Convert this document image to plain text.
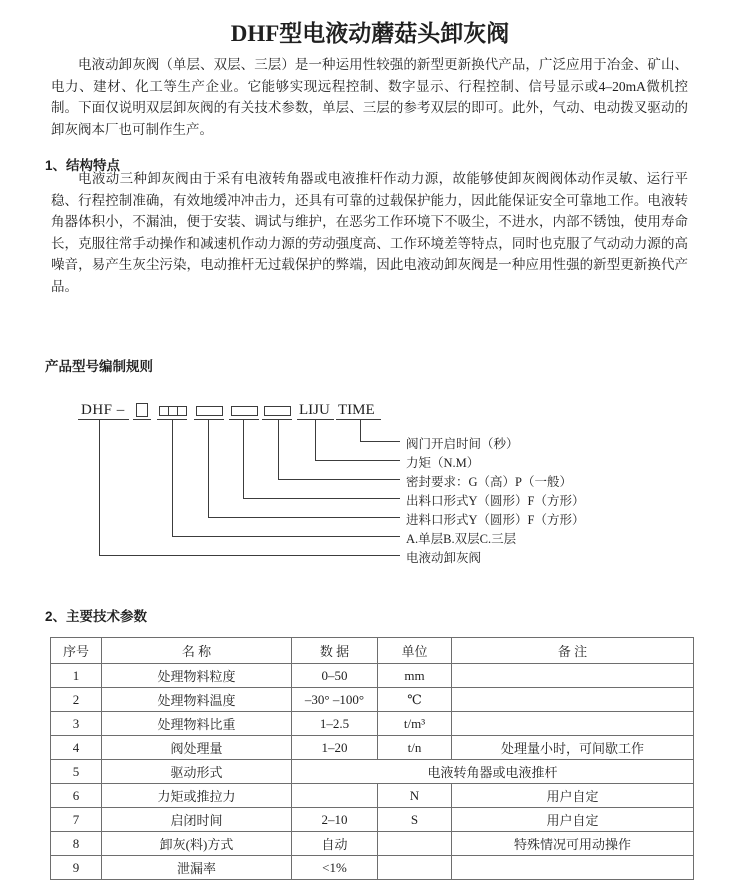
DHF型电液动蘑菇头卸灰阀

电液动卸灰阀（单层、双层、三层）是一种运用性较强的新型更新换代产品，广泛应用于冶金、矿山、电力、建材、化工等生产企业。它能够实现远程控制、数字显示、行程控制、信号显示或4–20mA微机控制。下面仅说明双层卸灰阀的有关技术参数，单层、三层的参考双层的即可。此外，气动、电动拨叉驱动的卸灰阀本厂也可制作生产。

1、结构特点

电液动三种卸灰阀由于采有电液转角器或电液推杆作动力源，故能够使卸灰阀阀体动作灵敏、运行平稳、行程控制准确，有效地缓冲冲击力，还具有可靠的过载保护能力，因此能保证安全可靠地工作。电液转角器体积小，不漏油，便于安装、调试与维护，在恶劣工作环境下不吸尘，不进水，内部不锈蚀，使用寿命长，克服往常手动操作和减速机作动力源的劳动强度高、工作环境差等特点，同时也克服了气动动力源的高噪音，易产生灰尘污染，电动推杆无过载保护的弊端，因此电液动卸灰阀是一种应用性强的新型更新换代产品。

产品型号编制规则
DHF –	LIJU TIME
阀门开启时间（秒）
力矩（N.M）
密封要求：G（高）P（一般）
出料口形式Y（圆形）F（方形）
进料口形式Y（圆形）F（方形）
A.单层B.双层C.三层
电液动卸灰阀
2、主要技术参数
序号	名 称	数 据	单位	备 注
1	处理物料粒度	0–50	mm	
2	处理物料温度	–30° –100°	℃	
3	处理物料比重	1–2.5	t/m³	
4	阀处理量	1–20	t/n	处理量小时，可间歇工作
5	驱动形式	电液转角器或电液推杆		
6	力矩或推拉力		N	用户自定
7	启闭时间	2–10	S	用户自定
8	卸灰(料)方式	自动		特殊情况可用动操作
9	泄漏率	<1%		
